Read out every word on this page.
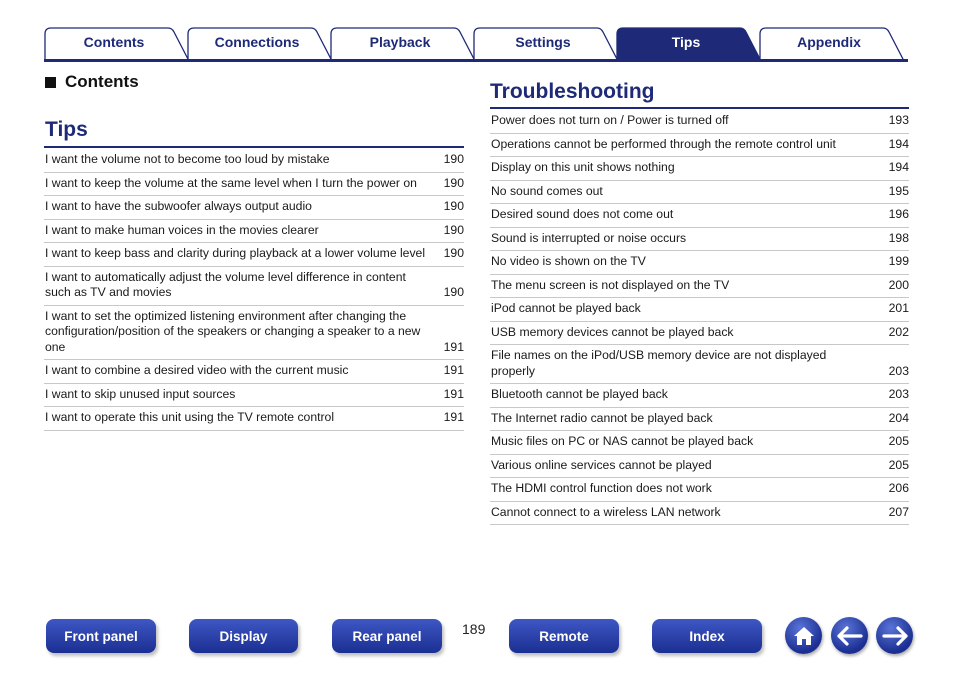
Contents	Connections	Playback	Settings	Tips	Appendix
Contents
Tips
I want the volume not to become too loud by mistake	190
I want to keep the volume at the same level when I turn the power on	190
I want to have the subwoofer always output audio	190
I want to make human voices in the movies clearer	190
I want to keep bass and clarity during playback at a lower volume level	190
I want to automatically adjust the volume level difference in content such as TV and movies	190
I want to set the optimized listening environment after changing the configuration/position of the speakers or changing a speaker to a new one	191
I want to combine a desired video with the current music	191
I want to skip unused input sources	191
I want to operate this unit using the TV remote control	191
Troubleshooting
Power does not turn on / Power is turned off	193
Operations cannot be performed through the remote control unit	194
Display on this unit shows nothing	194
No sound comes out	195
Desired sound does not come out	196
Sound is interrupted or noise occurs	198
No video is shown on the TV	199
The menu screen is not displayed on the TV	200
iPod cannot be played back	201
USB memory devices cannot be played back	202
File names on the iPod/USB memory device are not displayed properly	203
Bluetooth cannot be played back	203
The Internet radio cannot be played back	204
Music files on PC or NAS cannot be played back	205
Various online services cannot be played	205
The HDMI control function does not work	206
Cannot connect to a wireless LAN network	207
Front panel	Display	Rear panel	189	Remote	Index
